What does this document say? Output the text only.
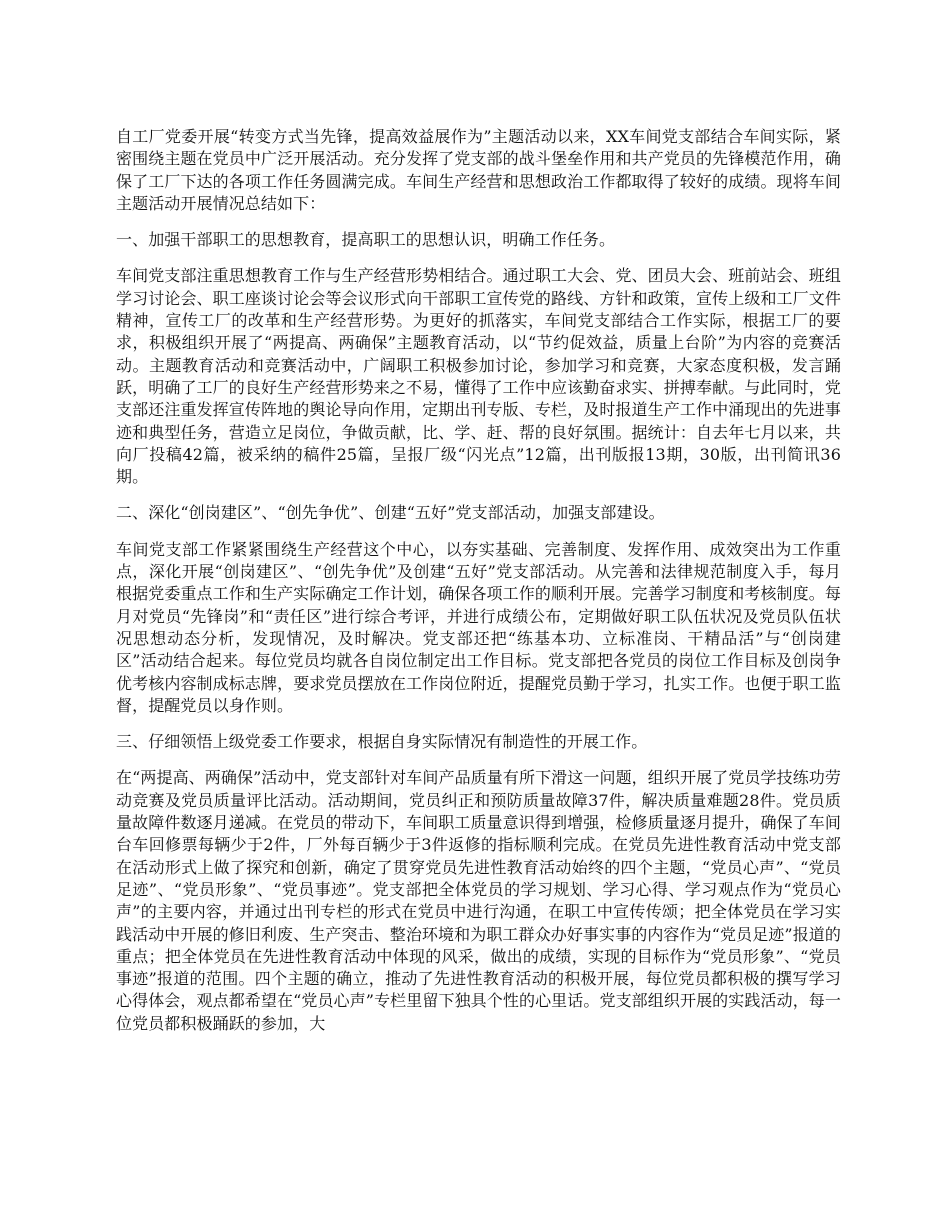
自工厂党委开展“转变方式当先锋，提高效益展作为”主题活动以来，XX车间党支部结合车间实际，紧密围绕主题在党员中广泛开展活动。充分发挥了党支部的战斗堡垒作用和共产党员的先锋模范作用，确保了工厂下达的各项工作任务圆满完成。车间生产经营和思想政治工作都取得了较好的成绩。现将车间主题活动开展情况总结如下：

一、加强干部职工的思想教育，提高职工的思想认识，明确工作任务。

车间党支部注重思想教育工作与生产经营形势相结合。通过职工大会、党、团员大会、班前站会、班组学习讨论会、职工座谈讨论会等会议形式向干部职工宣传党的路线、方针和政策，宣传上级和工厂文件精神，宣传工厂的改革和生产经营形势。为更好的抓落实，车间党支部结合工作实际，根据工厂的要求，积极组织开展了“两提高、两确保”主题教育活动，以“节约促效益，质量上台阶”为内容的竞赛活动。主题教育活动和竞赛活动中，广阔职工积极参加讨论，参加学习和竞赛，大家态度积极，发言踊跃，明确了工厂的良好生产经营形势来之不易，懂得了工作中应该勤奋求实、拼搏奉献。与此同时，党支部还注重发挥宣传阵地的舆论导向作用，定期出刊专版、专栏，及时报道生产工作中涌现出的先进事迹和典型任务，营造立足岗位，争做贡献，比、学、赶、帮的良好氛围。据统计：自去年七月以来，共向厂投稿42篇，被采纳的稿件25篇，呈报厂级“闪光点”12篇，出刊版报13期，30版，出刊简讯36期。

二、深化“创岗建区”、“创先争优”、创建“五好”党支部活动，加强支部建设。

车间党支部工作紧紧围绕生产经营这个中心，以夯实基础、完善制度、发挥作用、成效突出为工作重点，深化开展“创岗建区”、“创先争优”及创建“五好”党支部活动。从完善和法律规范制度入手，每月根据党委重点工作和生产实际确定工作计划，确保各项工作的顺利开展。完善学习制度和考核制度。每月对党员“先锋岗”和“责任区”进行综合考评，并进行成绩公布，定期做好职工队伍状况及党员队伍状况思想动态分析，发现情况，及时解决。党支部还把“练基本功、立标准岗、干精品活”与“创岗建区”活动结合起来。每位党员均就各自岗位制定出工作目标。党支部把各党员的岗位工作目标及创岗争优考核内容制成标志牌，要求党员摆放在工作岗位附近，提醒党员勤于学习，扎实工作。也便于职工监督，提醒党员以身作则。

三、仔细领悟上级党委工作要求，根据自身实际情况有制造性的开展工作。

在“两提高、两确保”活动中，党支部针对车间产品质量有所下滑这一问题，组织开展了党员学技练功劳动竞赛及党员质量评比活动。活动期间，党员纠正和预防质量故障37件，解决质量难题28件。党员质量故障件数逐月递减。在党员的带动下，车间职工质量意识得到增强，检修质量逐月提升，确保了车间台车回修票每辆少于2件，厂外每百辆少于3件返修的指标顺利完成。在党员先进性教育活动中党支部在活动形式上做了探究和创新，确定了贯穿党员先进性教育活动始终的四个主题，“党员心声”、“党员足迹”、“党员形象”、“党员事迹”。党支部把全体党员的学习规划、学习心得、学习观点作为“党员心声”的主要内容，并通过出刊专栏的形式在党员中进行沟通，在职工中宣传传颂；把全体党员在学习实践活动中开展的修旧利废、生产突击、整治环境和为职工群众办好事实事的内容作为“党员足迹”报道的重点；把全体党员在先进性教育活动中体现的风采，做出的成绩，实现的目标作为“党员形象”、“党员事迹”报道的范围。四个主题的确立，推动了先进性教育活动的积极开展，每位党员都积极的撰写学习心得体会，观点都希望在“党员心声”专栏里留下独具个性的心里话。党支部组织开展的实践活动，每一位党员都积极踊跃的参加，大
